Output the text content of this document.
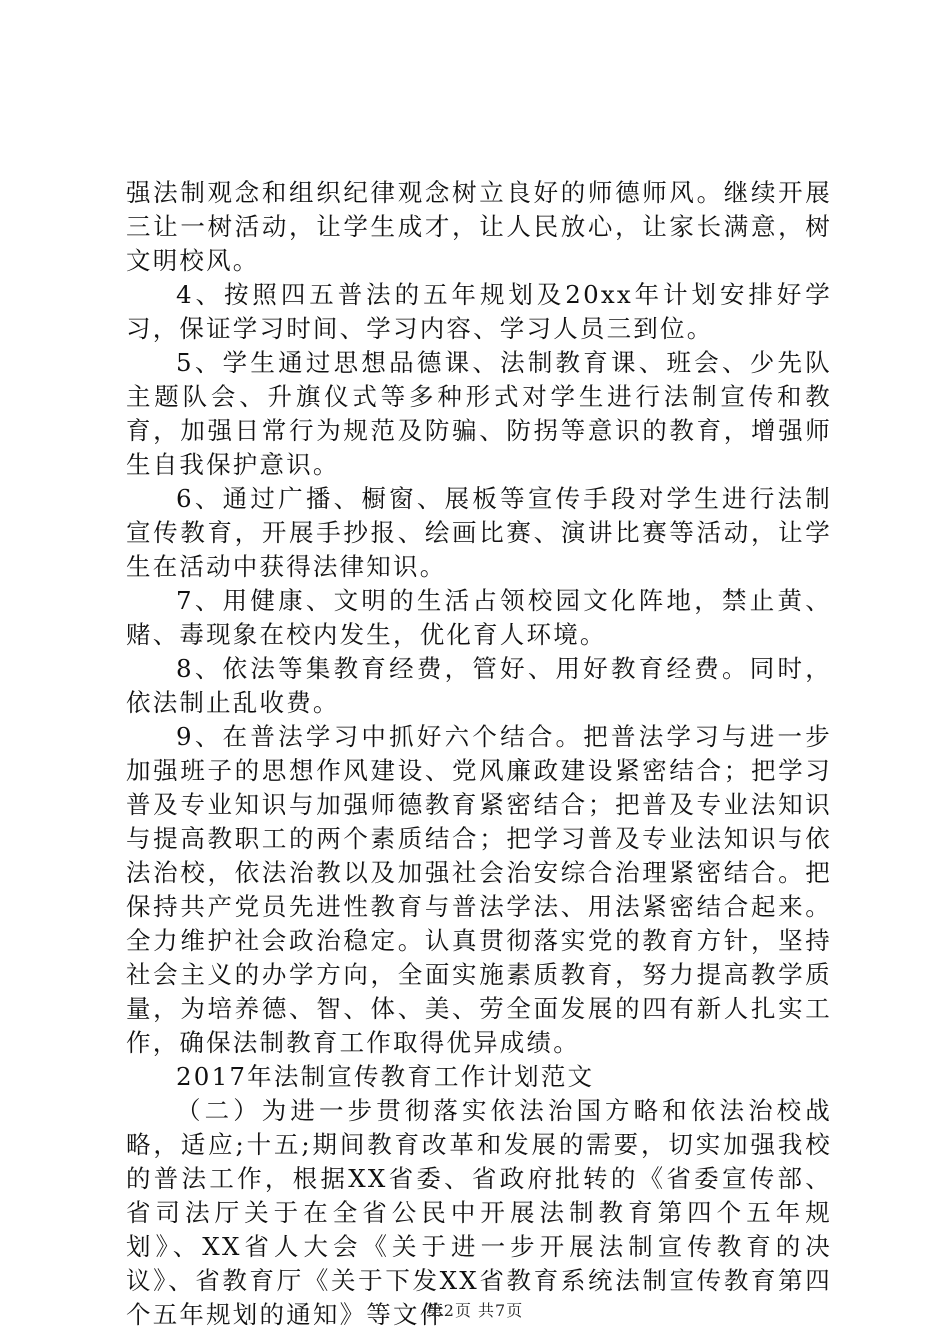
强法制观念和组织纪律观念树立良好的师德师风。继续开展三让一树活动，让学生成才，让人民放心，让家长满意，树文明校风。

4、按照四五普法的五年规划及20xx年计划安排好学习，保证学习时间、学习内容、学习人员三到位。

5、学生通过思想品德课、法制教育课、班会、少先队主题队会、升旗仪式等多种形式对学生进行法制宣传和教育，加强日常行为规范及防骗、防拐等意识的教育，增强师生自我保护意识。

6、通过广播、橱窗、展板等宣传手段对学生进行法制宣传教育，开展手抄报、绘画比赛、演讲比赛等活动，让学生在活动中获得法律知识。

7、用健康、文明的生活占领校园文化阵地，禁止黄、赌、毒现象在校内发生，优化育人环境。

8、依法等集教育经费，管好、用好教育经费。同时，依法制止乱收费。

9、在普法学习中抓好六个结合。把普法学习与进一步加强班子的思想作风建设、党风廉政建设紧密结合；把学习普及专业知识与加强师德教育紧密结合；把普及专业法知识与提高教职工的两个素质结合；把学习普及专业法知识与依法治校，依法治教以及加强社会治安综合治理紧密结合。把保持共产党员先进性教育与普法学法、用法紧密结合起来。全力维护社会政治稳定。认真贯彻落实党的教育方针，坚持社会主义的办学方向，全面实施素质教育，努力提高教学质量，为培养德、智、体、美、劳全面发展的四有新人扎实工作，确保法制教育工作取得优异成绩。

2017年法制宣传教育工作计划范文

（二）为进一步贯彻落实依法治国方略和依法治校战略，适应;十五;期间教育改革和发展的需要，切实加强我校的普法工作，根据XX省委、省政府批转的《省委宣传部、省司法厅关于在全省公民中开展法制教育第四个五年规划》、XX省人大会《关于进一步开展法制宣传教育的决议》、省教育厅《关于下发XX省教育系统法制宣传教育第四个五年规划的通知》等文件

第2页 共7页
